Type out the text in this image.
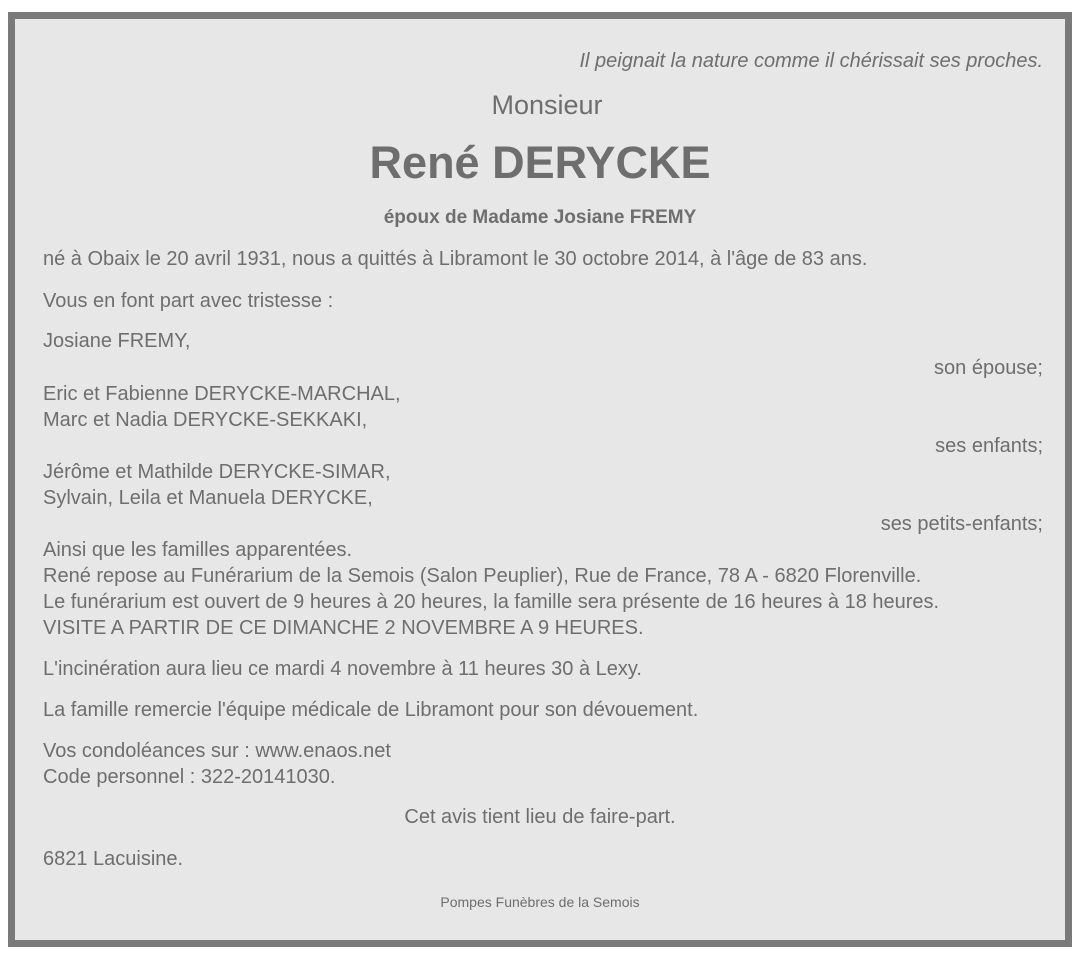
Il peignait la nature comme il chérissait ses proches.
Monsieur
René DERYCKE
époux de Madame Josiane FREMY
né à Obaix le 20 avril 1931, nous a quittés à Libramont le 30 octobre 2014, à l'âge de 83 ans.
Vous en font part avec tristesse :
Josiane FREMY,
son épouse;
Eric et Fabienne DERYCKE-MARCHAL,
Marc et Nadia DERYCKE-SEKKAKI,
ses enfants;
Jérôme et Mathilde DERYCKE-SIMAR,
Sylvain, Leila et Manuela DERYCKE,
ses petits-enfants;
Ainsi que les familles apparentées.
René repose au Funérarium de la Semois (Salon Peuplier), Rue de France, 78 A - 6820 Florenville.
Le funérarium est ouvert de 9 heures à 20 heures, la famille sera présente de 16 heures à 18 heures.
VISITE A PARTIR DE CE DIMANCHE 2 NOVEMBRE A 9 HEURES.
L'incinération aura lieu ce mardi 4 novembre à 11 heures 30 à Lexy.
La famille remercie l'équipe médicale de Libramont pour son dévouement.
Vos condoléances sur : www.enaos.net
Code personnel : 322-20141030.
Cet avis tient lieu de faire-part.
6821 Lacuisine.
Pompes Funèbres de la Semois
